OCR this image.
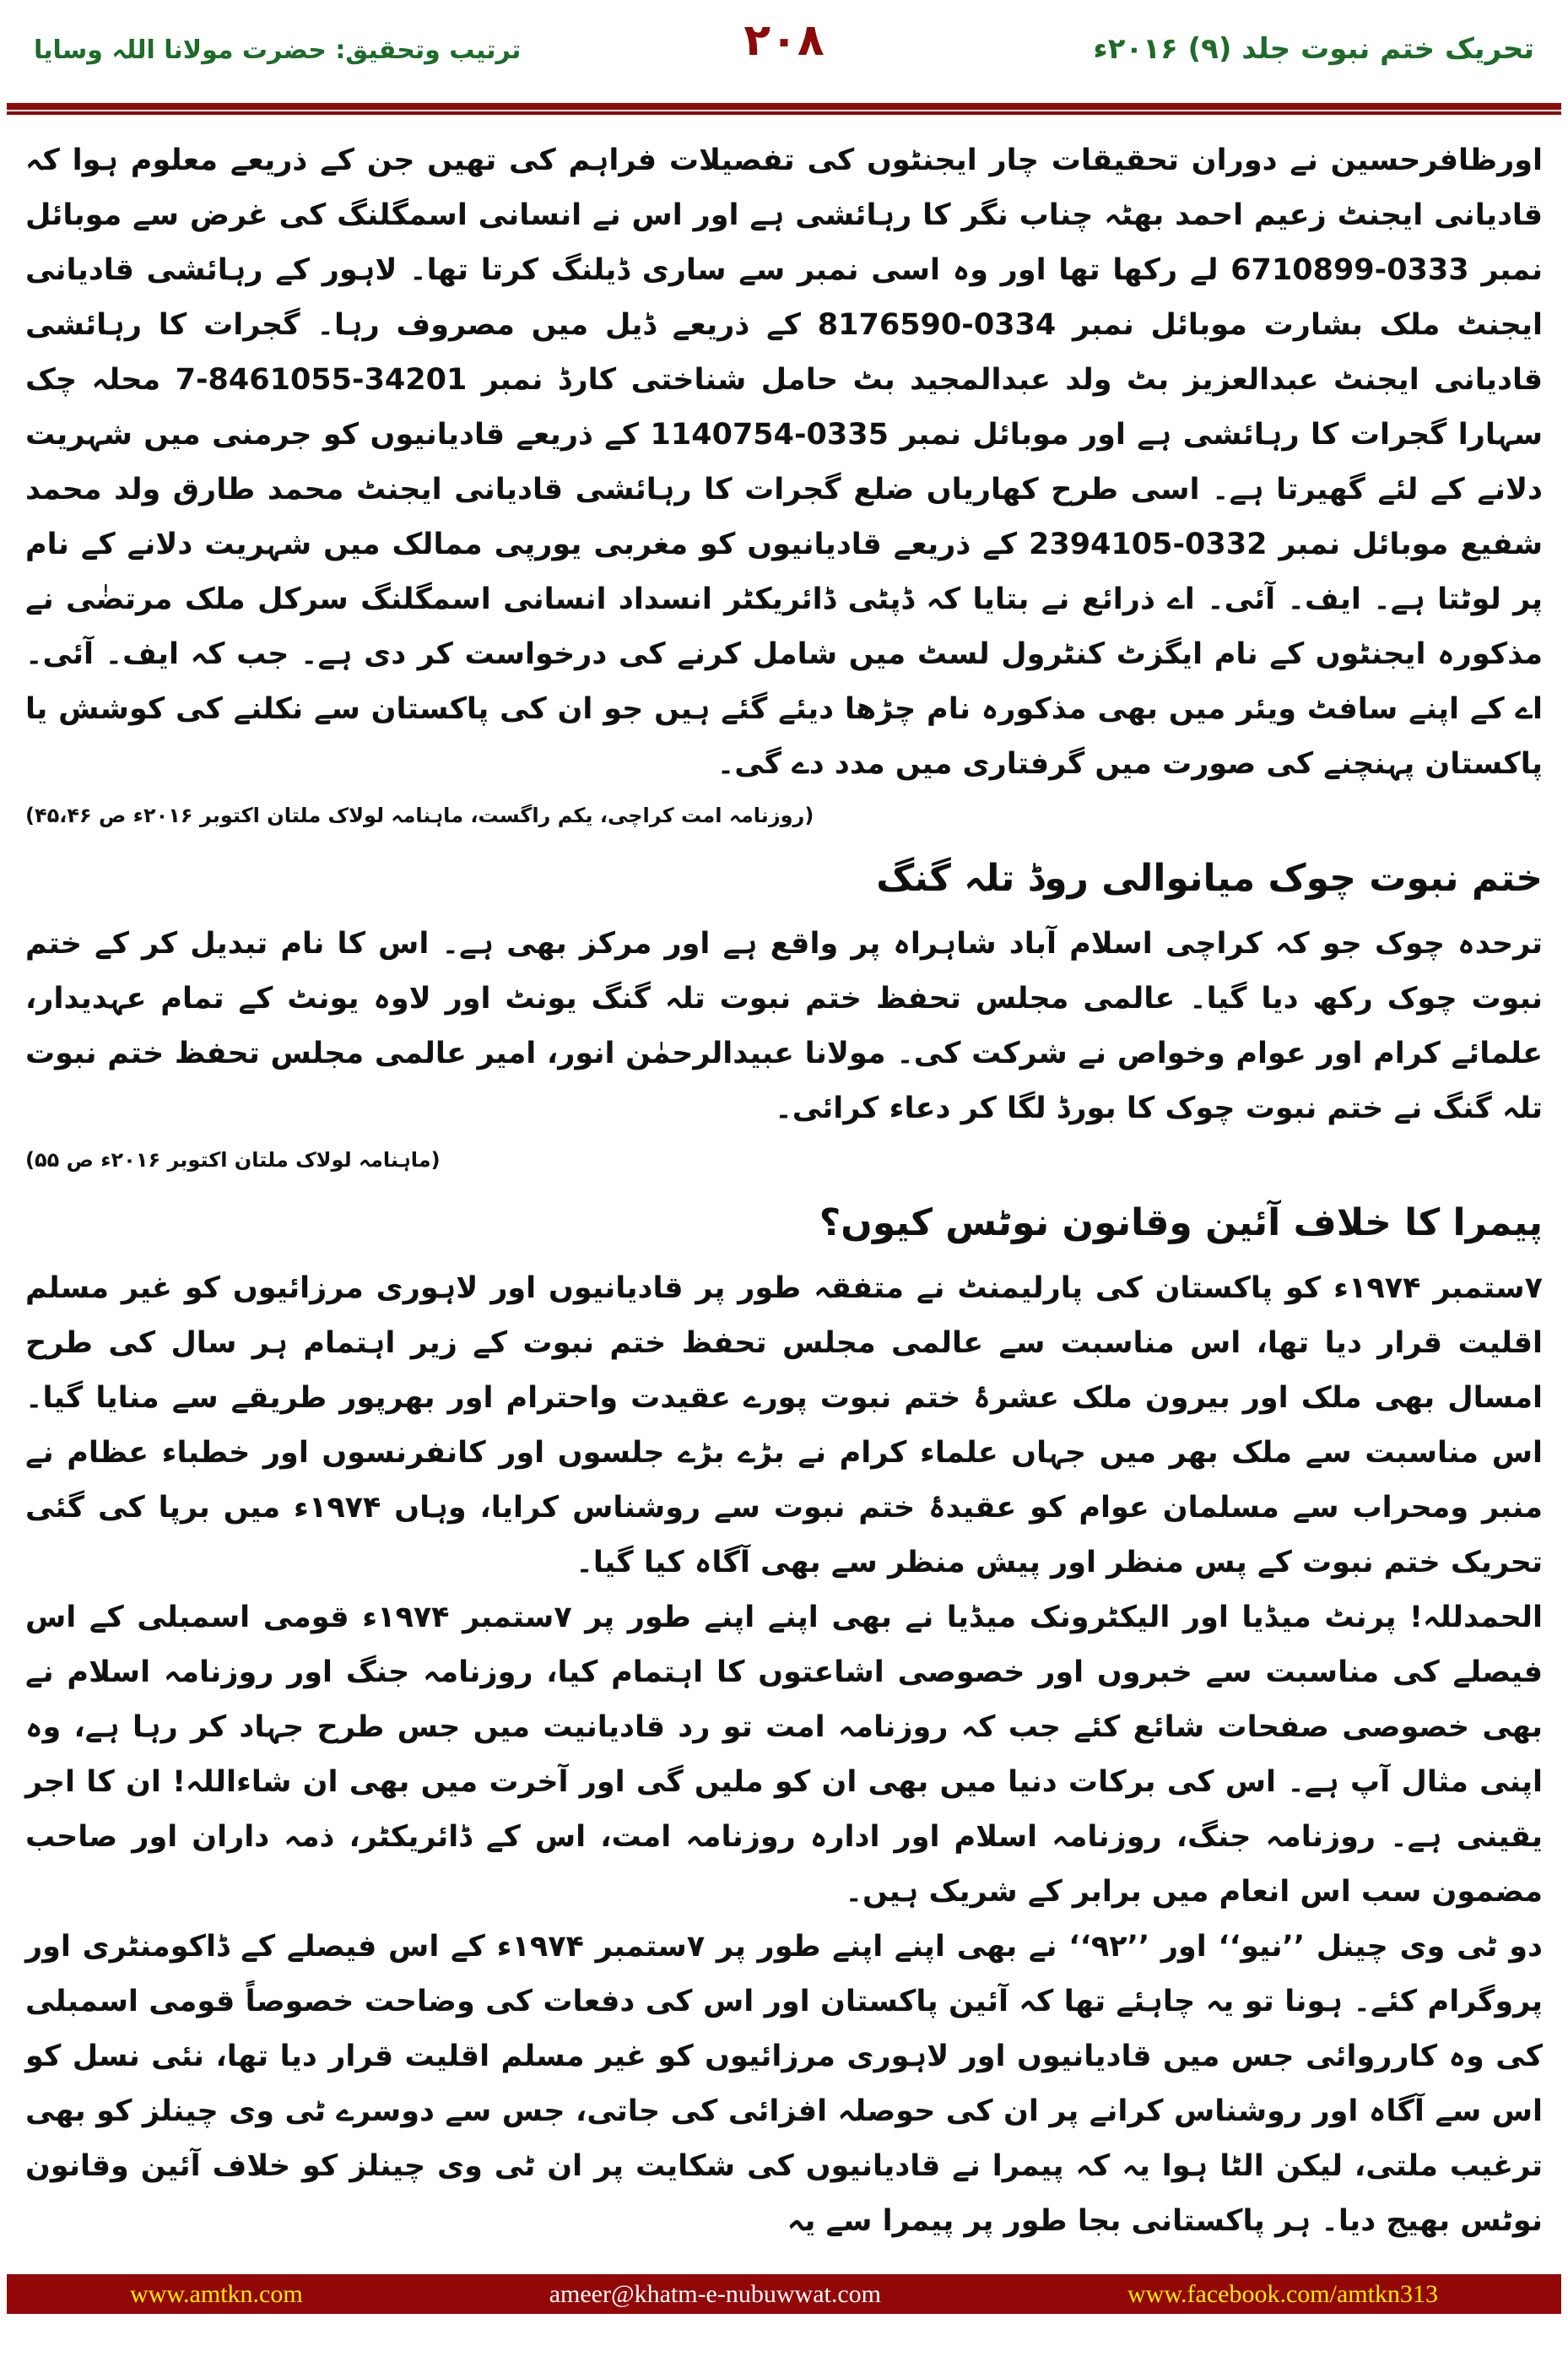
تحریک ختم نبوت جلد (۹) ۲۰۱۶ء
۲۰۸
ترتیب وتحقیق: حضرت مولانا اللہ وسایا

اورظافرحسین نے دوران تحقیقات چار ایجنٹوں کی تفصیلات فراہم کی تھیں جن کے ذریعے معلوم ہوا کہ قادیانی ایجنٹ زعیم احمد بھٹہ چناب نگر کا رہائشی ہے اور اس نے انسانی اسمگلنگ کی غرض سے موبائل نمبر 0333-6710899 لے رکھا تھا اور وہ اسی نمبر سے ساری ڈیلنگ کرتا تھا۔ لاہور کے رہائشی قادیانی ایجنٹ ملک بشارت موبائل نمبر 0334-8176590 کے ذریعے ڈیل میں مصروف رہا۔ گجرات کا رہائشی قادیانی ایجنٹ عبدالعزیز بٹ ولد عبدالمجید بٹ حامل شناختی کارڈ نمبر 34201-8461055-7 محلہ چک سہارا گجرات کا رہائشی ہے اور موبائل نمبر 0335-1140754 کے ذریعے قادیانیوں کو جرمنی میں شہریت دلانے کے لئے گھیرتا ہے۔ اسی طرح کھاریاں ضلع گجرات کا رہائشی قادیانی ایجنٹ محمد طارق ولد محمد شفیع موبائل نمبر 0332-2394105 کے ذریعے قادیانیوں کو مغربی یورپی ممالک میں شہریت دلانے کے نام پر لوٹتا ہے۔ ایف۔ آئی۔ اے ذرائع نے بتایا کہ ڈپٹی ڈائریکٹر انسداد انسانی اسمگلنگ سرکل ملک مرتضٰی نے مذکورہ ایجنٹوں کے نام ایگزٹ کنٹرول لسٹ میں شامل کرنے کی درخواست کر دی ہے۔ جب کہ ایف۔ آئی۔ اے کے اپنے سافٹ ویئر میں بھی مذکورہ نام چڑھا دیئے گئے ہیں جو ان کی پاکستان سے نکلنے کی کوشش یا پاکستان پہنچنے کی صورت میں گرفتاری میں مدد دے گی۔

(روزنامہ امت کراچی، یکم راگست، ماہنامہ لولاک ملتان اکتوبر ۲۰۱۶ء ص ۴۵،۴۶)
ختم نبوت چوک میانوالی روڈ تلہ گنگ

ترحدہ چوک جو کہ کراچی اسلام آباد شاہراہ پر واقع ہے اور مرکز بھی ہے۔ اس کا نام تبدیل کر کے ختم نبوت چوک رکھ دیا گیا۔ عالمی مجلس تحفظ ختم نبوت تلہ گنگ یونٹ اور لاوہ یونٹ کے تمام عہدیدار، علمائے کرام اور عوام وخواص نے شرکت کی۔ مولانا عبیدالرحمٰن انور، امیر عالمی مجلس تحفظ ختم نبوت تلہ گنگ نے ختم نبوت چوک کا بورڈ لگا کر دعاء کرائی۔

(ماہنامہ لولاک ملتان اکتوبر ۲۰۱۶ء ص ۵۵)
پیمرا کا خلاف آئین وقانون نوٹس کیوں؟

۷ستمبر ۱۹۷۴ء کو پاکستان کی پارلیمنٹ نے متفقہ طور پر قادیانیوں اور لاہوری مرزائیوں کو غیر مسلم اقلیت قرار دیا تھا، اس مناسبت سے عالمی مجلس تحفظ ختم نبوت کے زیر اہتمام ہر سال کی طرح امسال بھی ملک اور بیرون ملک عشرۂ ختم نبوت پورے عقیدت واحترام اور بھرپور طریقے سے منایا گیا۔ اس مناسبت سے ملک بھر میں جہاں علماء کرام نے بڑے بڑے جلسوں اور کانفرنسوں اور خطباء عظام نے منبر ومحراب سے مسلمان عوام کو عقیدۂ ختم نبوت سے روشناس کرایا، وہاں ۱۹۷۴ء میں برپا کی گئی تحریک ختم نبوت کے پس منظر اور پیش منظر سے بھی آگاہ کیا گیا۔

الحمدللہ! پرنٹ میڈیا اور الیکٹرونک میڈیا نے بھی اپنے اپنے طور پر ۷ستمبر ۱۹۷۴ء قومی اسمبلی کے اس فیصلے کی مناسبت سے خبروں اور خصوصی اشاعتوں کا اہتمام کیا، روزنامہ جنگ اور روزنامہ اسلام نے بھی خصوصی صفحات شائع کئے جب کہ روزنامہ امت تو رد قادیانیت میں جس طرح جہاد کر رہا ہے، وہ اپنی مثال آپ ہے۔ اس کی برکات دنیا میں بھی ان کو ملیں گی اور آخرت میں بھی ان شاءاللہ! ان کا اجر یقینی ہے۔ روزنامہ جنگ، روزنامہ اسلام اور ادارہ روزنامہ امت، اس کے ڈائریکٹر، ذمہ داران اور صاحب مضمون سب اس انعام میں برابر کے شریک ہیں۔

دو ٹی وی چینل ’’نیو‘‘ اور ’’۹۲‘‘ نے بھی اپنے اپنے طور پر ۷ستمبر ۱۹۷۴ء کے اس فیصلے کے ڈاکومنٹری اور پروگرام کئے۔ ہونا تو یہ چاہئے تھا کہ آئین پاکستان اور اس کی دفعات کی وضاحت خصوصاً قومی اسمبلی کی وہ کارروائی جس میں قادیانیوں اور لاہوری مرزائیوں کو غیر مسلم اقلیت قرار دیا تھا، نئی نسل کو اس سے آگاہ اور روشناس کرانے پر ان کی حوصلہ افزائی کی جاتی، جس سے دوسرے ٹی وی چینلز کو بھی ترغیب ملتی، لیکن الٹا ہوا یہ کہ پیمرا نے قادیانیوں کی شکایت پر ان ٹی وی چینلز کو خلاف آئین وقانون نوٹس بھیج دیا۔ ہر پاکستانی بجا طور پر پیمرا سے یہ

www.amtkn.com	ameer@khatm-e-nubuwwat.com	www.facebook.com/amtkn313
